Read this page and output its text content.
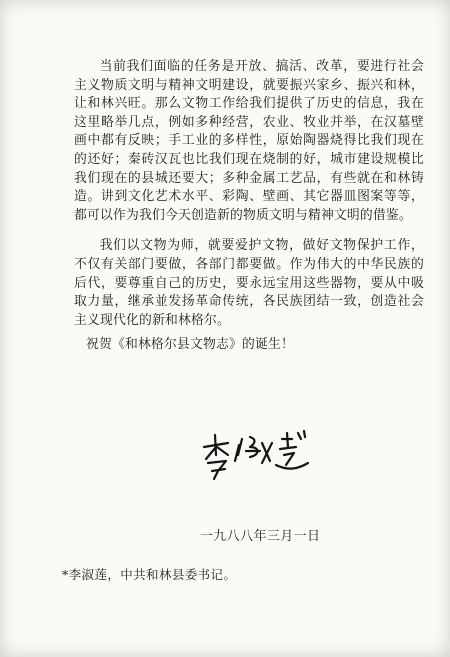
当前我们面临的任务是开放、搞活、改革，要进行社会主义物质文明与精神文明建设，就要振兴家乡、振兴和林，让和林兴旺。那么文物工作给我们提供了历史的信息，我在这里略举几点，例如多种经营，农业、牧业并举，在汉墓壁画中都有反映；手工业的多样性，原始陶器烧得比我们现在的还好；秦砖汉瓦也比我们现在烧制的好，城市建设规模比我们现在的县城还要大；多种金属工艺品，有些就在和林铸造。讲到文化艺术水平、彩陶、壁画、其它器皿图案等等，都可以作为我们今天创造新的物质文明与精神文明的借鉴。

我们以文物为师，就要爱护文物，做好文物保护工作，不仅有关部门要做，各部门都要做。作为伟大的中华民族的后代，要尊重自己的历史，要永远宝用这些器物，要从中吸取力量，继承並发扬革命传统，各民族团结一致，创造社会主义现代化的新和林格尔。

祝贺《和林格尔县文物志》的诞生！

一九八八年三月一日
*李淑莲，中共和林县委书记。
